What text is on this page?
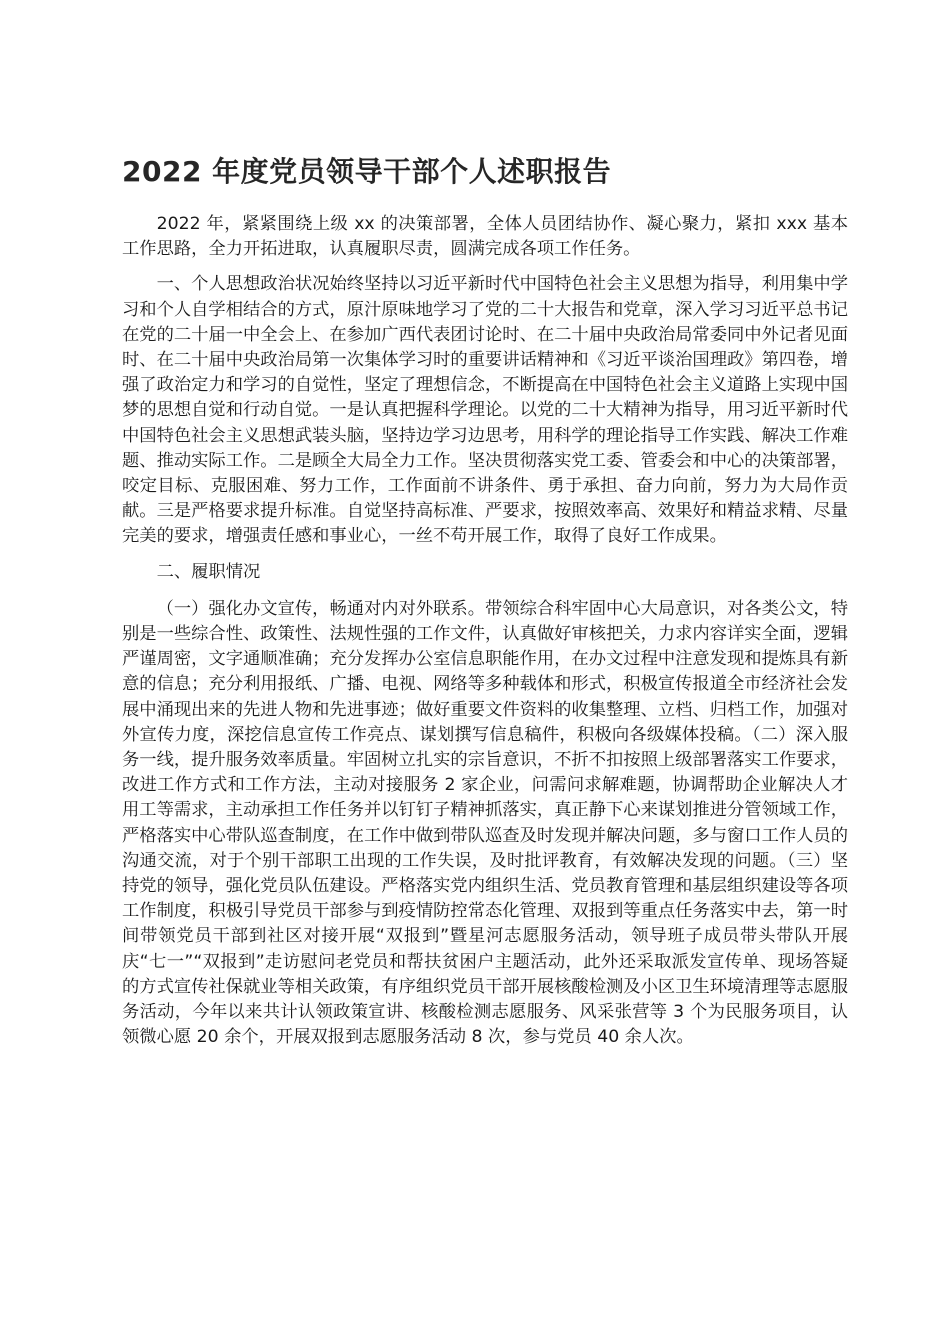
2022 年度党员领导干部个人述职报告

2022 年，紧紧围绕上级 xx 的决策部署，全体人员团结协作、凝心聚力，紧扣 xxx 基本工作思路，全力开拓进取，认真履职尽责，圆满完成各项工作任务。

一、个人思想政治状况始终坚持以习近平新时代中国特色社会主义思想为指导，利用集中学习和个人自学相结合的方式，原汁原味地学习了党的二十大报告和党章，深入学习习近平总书记在党的二十届一中全会上、在参加广西代表团讨论时、在二十届中央政治局常委同中外记者见面时、在二十届中央政治局第一次集体学习时的重要讲话精神和《习近平谈治国理政》第四卷，增强了政治定力和学习的自觉性，坚定了理想信念，不断提高在中国特色社会主义道路上实现中国梦的思想自觉和行动自觉。一是认真把握科学理论。以党的二十大精神为指导，用习近平新时代中国特色社会主义思想武装头脑，坚持边学习边思考，用科学的理论指导工作实践、解决工作难题、推动实际工作。二是顾全大局全力工作。坚决贯彻落实党工委、管委会和中心的决策部署，咬定目标、克服困难、努力工作，工作面前不讲条件、勇于承担、奋力向前，努力为大局作贡献。三是严格要求提升标准。自觉坚持高标准、严要求，按照效率高、效果好和精益求精、尽量完美的要求，增强责任感和事业心，一丝不苟开展工作，取得了良好工作成果。

二、履职情况

（一）强化办文宣传，畅通对内对外联系。带领综合科牢固中心大局意识，对各类公文，特别是一些综合性、政策性、法规性强的工作文件，认真做好审核把关，力求内容详实全面，逻辑严谨周密，文字通顺准确；充分发挥办公室信息职能作用，在办文过程中注意发现和提炼具有新意的信息；充分利用报纸、广播、电视、网络等多种载体和形式，积极宣传报道全市经济社会发展中涌现出来的先进人物和先进事迹；做好重要文件资料的收集整理、立档、归档工作，加强对外宣传力度，深挖信息宣传工作亮点、谋划撰写信息稿件，积极向各级媒体投稿。（二）深入服务一线，提升服务效率质量。牢固树立扎实的宗旨意识，不折不扣按照上级部署落实工作要求，改进工作方式和工作方法，主动对接服务 2 家企业，问需问求解难题，协调帮助企业解决人才用工等需求，主动承担工作任务并以钉钉子精神抓落实，真正静下心来谋划推进分管领域工作，严格落实中心带队巡查制度，在工作中做到带队巡查及时发现并解决问题，多与窗口工作人员的沟通交流，对于个别干部职工出现的工作失误，及时批评教育，有效解决发现的问题。（三）坚持党的领导，强化党员队伍建设。严格落实党内组织生活、党员教育管理和基层组织建设等各项工作制度，积极引导党员干部参与到疫情防控常态化管理、双报到等重点任务落实中去，第一时间带领党员干部到社区对接开展“双报到”暨星河志愿服务活动，领导班子成员带头带队开展庆“七一”“双报到”走访慰问老党员和帮扶贫困户主题活动，此外还采取派发宣传单、现场答疑的方式宣传社保就业等相关政策，有序组织党员干部开展核酸检测及小区卫生环境清理等志愿服务活动，今年以来共计认领政策宣讲、核酸检测志愿服务、风采张营等 3 个为民服务项目，认领微心愿 20 余个，开展双报到志愿服务活动 8 次，参与党员 40 余人次。
